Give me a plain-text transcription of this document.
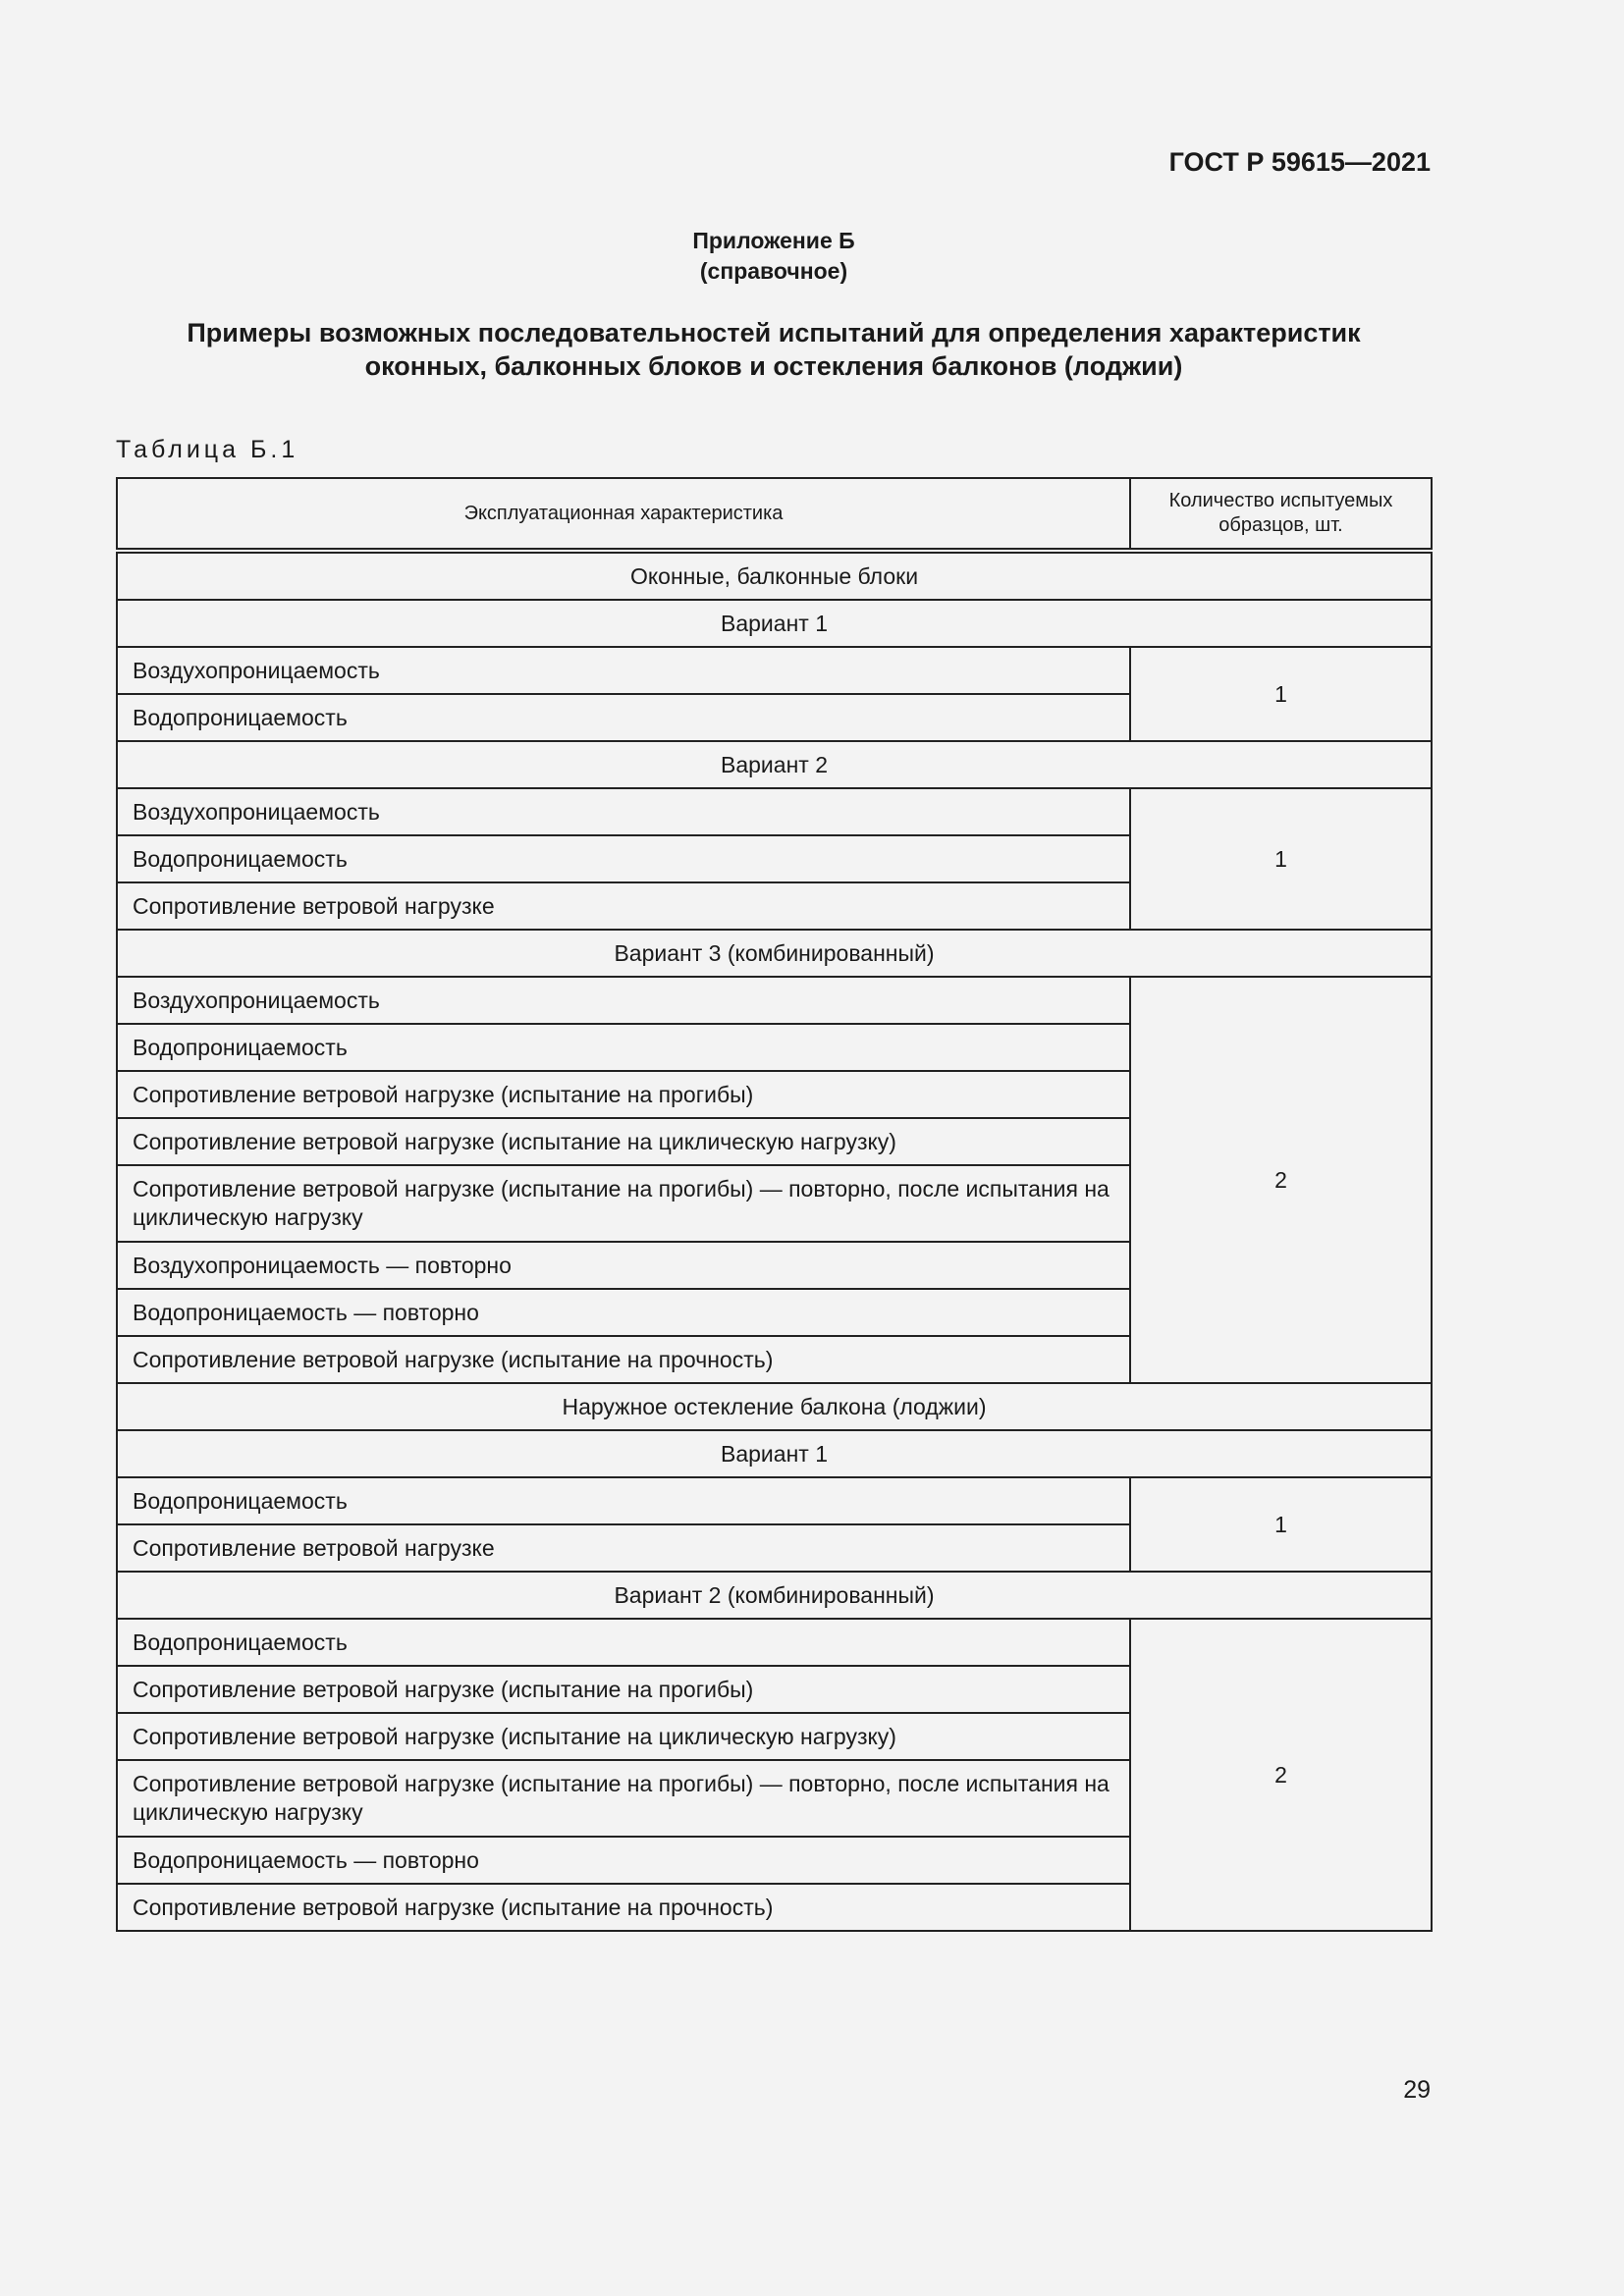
ГОСТ Р 59615—2021
Приложение Б
(справочное)
Примеры возможных последовательностей испытаний для определения характеристик
оконных, балконных блоков и остекления балконов (лоджии)
Таблица Б.1
Эксплуатационная характеристика	Количество испытуемых образцов, шт.
Оконные, балконные блоки	
Вариант 1	
Воздухопроницаемость	1
Водопроницаемость	
Вариант 2	
Воздухопроницаемость	1
Водопроницаемость	
Сопротивление ветровой нагрузке	
Вариант 3 (комбинированный)	
Воздухопроницаемость	2
Водопроницаемость	
Сопротивление ветровой нагрузке (испытание на прогибы)	
Сопротивление ветровой нагрузке (испытание на циклическую нагрузку)	
Сопротивление ветровой нагрузке (испытание на прогибы) — повторно, после испытания на циклическую нагрузку	
Воздухопроницаемость — повторно	
Водопроницаемость — повторно	
Сопротивление ветровой нагрузке (испытание на прочность)	
Наружное остекление балкона (лоджии)	
Вариант 1	
Водопроницаемость	1
Сопротивление ветровой нагрузке	
Вариант 2 (комбинированный)	
Водопроницаемость	2
Сопротивление ветровой нагрузке (испытание на прогибы)	
Сопротивление ветровой нагрузке (испытание на циклическую нагрузку)	
Сопротивление ветровой нагрузке (испытание на прогибы) — повторно, после испытания на циклическую нагрузку	
Водопроницаемость — повторно	
Сопротивление ветровой нагрузке (испытание на прочность)	
29
